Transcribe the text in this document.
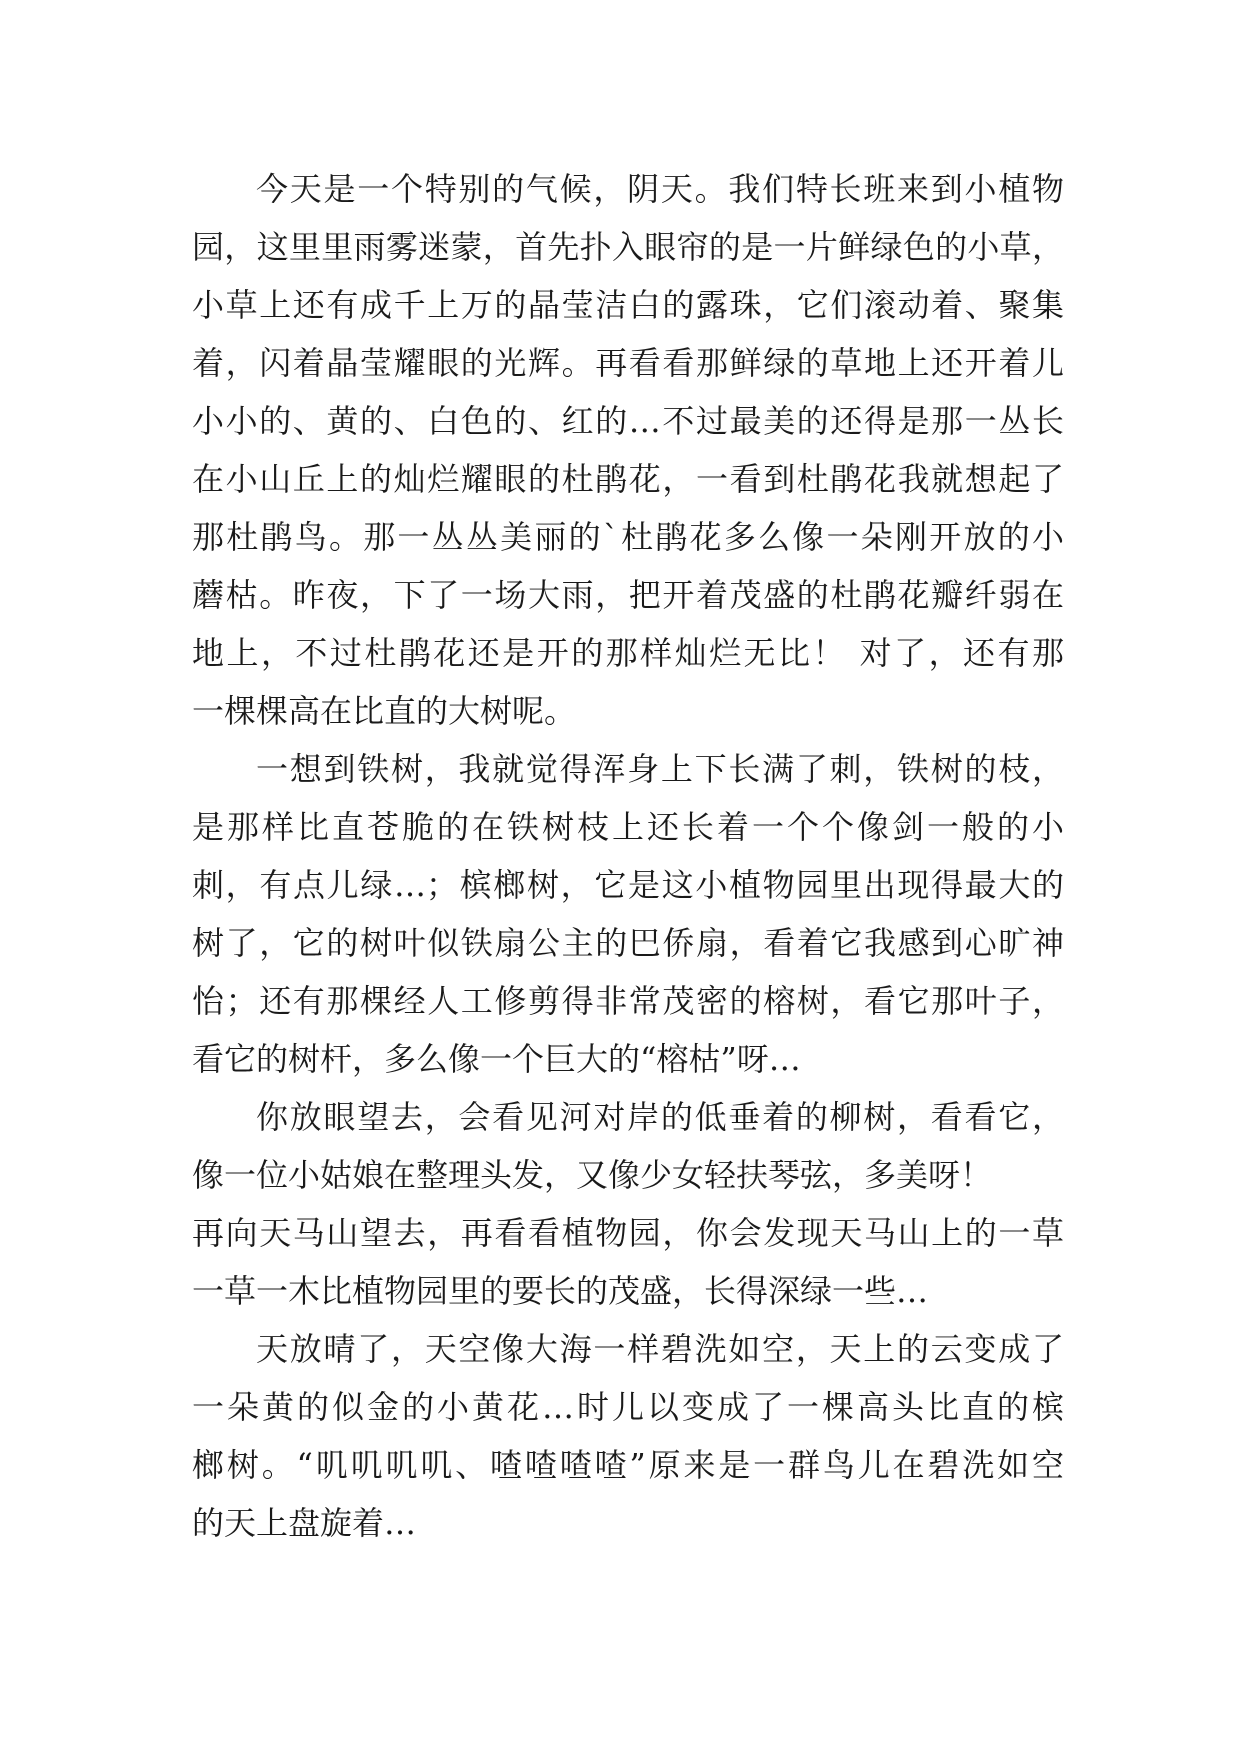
今天是一个特别的气候，阴天。我们特长班来到小植物
园，这里里雨雾迷蒙，首先扑入眼帘的是一片鲜绿色的小草，
小草上还有成千上万的晶莹洁白的露珠，它们滚动着、聚集
着，闪着晶莹耀眼的光辉。再看看那鲜绿的草地上还开着儿
小小的、黄的、白色的、红的…不过最美的还得是那一丛长
在小山丘上的灿烂耀眼的杜鹃花，一看到杜鹃花我就想起了
那杜鹃鸟。那一丛丛美丽的`杜鹃花多么像一朵刚开放的小
蘑枯。昨夜，下了一场大雨，把开着茂盛的杜鹃花瓣纤弱在
地上，不过杜鹃花还是开的那样灿烂无比！ 对了，还有那
一棵棵高在比直的大树呢。
一想到铁树，我就觉得浑身上下长满了刺，铁树的枝，
是那样比直苍脆的在铁树枝上还长着一个个像剑一般的小
刺，有点儿绿…；槟榔树，它是这小植物园里出现得最大的
树了，它的树叶似铁扇公主的巴侨扇，看着它我感到心旷神
怡；还有那棵经人工修剪得非常茂密的榕树，看它那叶子，
看它的树杆，多么像一个巨大的“榕枯”呀…
你放眼望去，会看见河对岸的低垂着的柳树，看看它，
像一位小姑娘在整理头发，又像少女轻扶琴弦，多美呀！
再向天马山望去，再看看植物园，你会发现天马山上的一草
一草一木比植物园里的要长的茂盛，长得深绿一些…
天放晴了，天空像大海一样碧洗如空，天上的云变成了
一朵黄的似金的小黄花…时儿以变成了一棵高头比直的槟
榔树。“叽叽叽叽、喳喳喳喳”原来是一群鸟儿在碧洗如空
的天上盘旋着…
